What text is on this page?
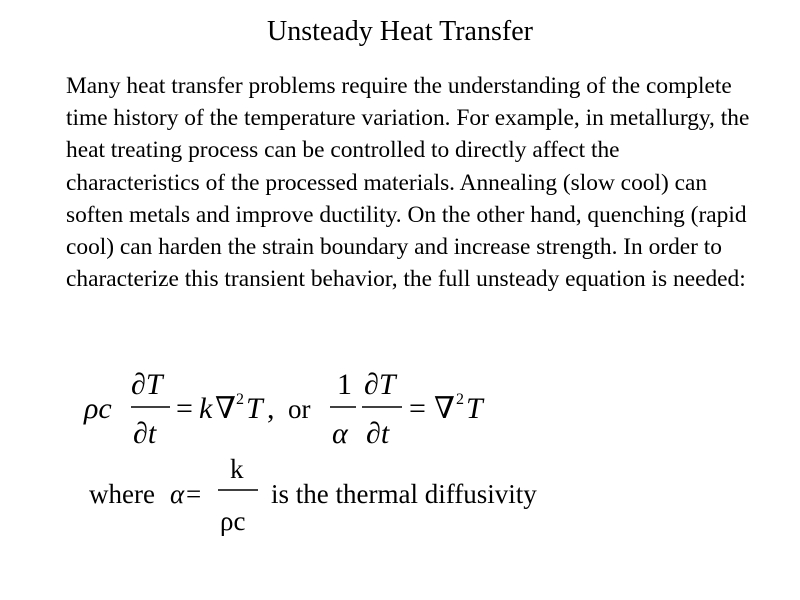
Unsteady Heat Transfer
Many heat transfer problems require the understanding of the complete time history of the temperature variation. For example, in metallurgy, the heat treating process can be controlled to directly affect the characteristics of the processed materials. Annealing (slow cool) can soften metals and improve ductility. On the other hand, quenching (rapid cool) can harden the strain boundary and increase strength. In order to characterize this transient behavior, the full unsteady equation is needed:
ρc
∂T
∂t
= k ∇ 2 T , or
1
α
∂T
∂t
= ∇ 2 T
where α =
k
ρc
is the thermal diffusivity
